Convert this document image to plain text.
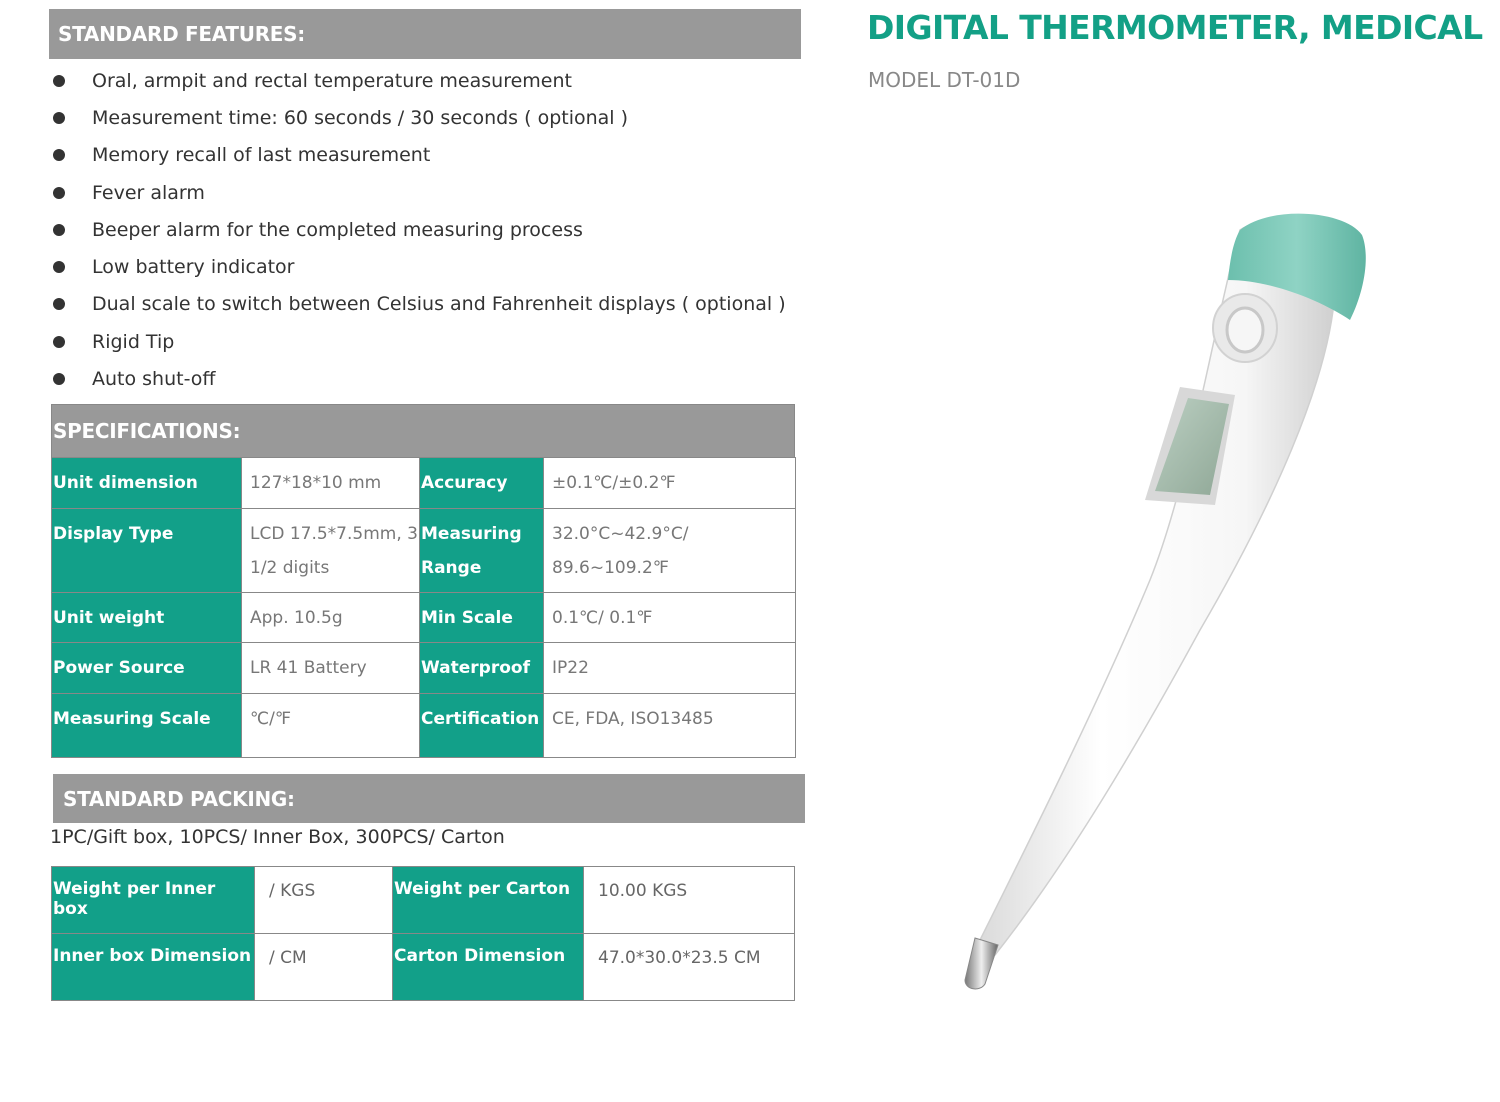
STANDARD FEATURES:
Oral, armpit and rectal temperature measurement
Measurement time: 60 seconds / 30 seconds ( optional )
Memory recall of last measurement
Fever alarm
Beeper alarm for the completed measuring process
Low battery indicator
Dual scale to switch between Celsius and Fahrenheit displays ( optional )
Rigid Tip
Auto shut-off
SPECIFICATIONS:
Unit dimension	127*18*10 mm	Accuracy	±0.1℃/±0.2℉
Display Type	LCD 17.5*7.5mm, 3 1/2 digits	Measuring Range	32.0°C~42.9°C/ 89.6~109.2℉
Unit weight	App. 10.5g	Min Scale	0.1℃/ 0.1℉
Power Source	LR 41 Battery	Waterproof	IP22
Measuring Scale	℃/℉	Certification	CE, FDA, ISO13485
STANDARD PACKING:
1PC/Gift box, 10PCS/ Inner Box, 300PCS/ Carton
Weight per Inner box	/ KGS	Weight per Carton	10.00 KGS
Inner box Dimension	/ CM	Carton Dimension	47.0*30.0*23.5 CM
DIGITAL THERMOMETER, MEDICAL
MODEL DT-01D
